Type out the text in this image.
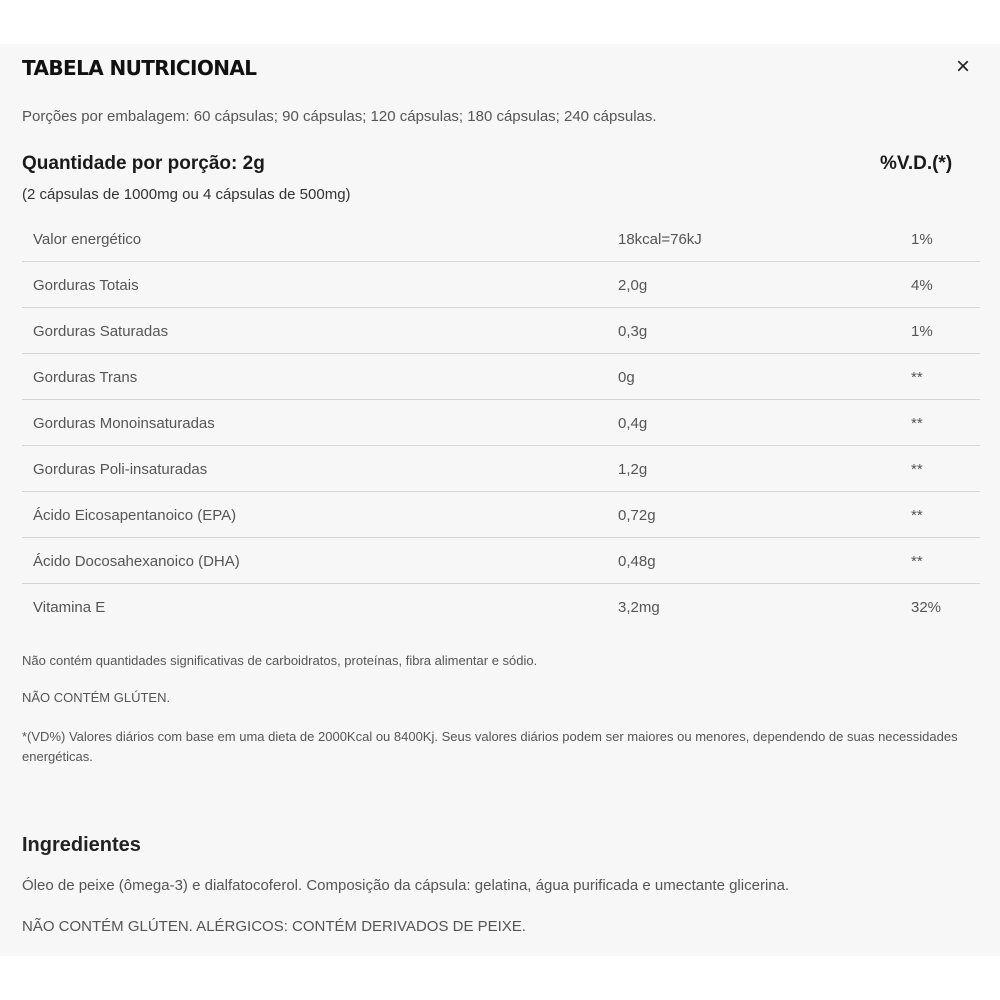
TABELA NUTRICIONAL	×
Porções por embalagem: 60 cápsulas; 90 cápsulas; 120 cápsulas; 180 cápsulas; 240 cápsulas.
Quantidade por porção: 2g
(2 cápsulas de 1000mg ou 4 cápsulas de 500mg)
%V.D.(*)
Valor energético	18kcal=76kJ	1%
Gorduras Totais	2,0g	4%
Gorduras Saturadas	0,3g	1%
Gorduras Trans	0g	**
Gorduras Monoinsaturadas	0,4g	**
Gorduras Poli-insaturadas	1,2g	**
Ácido Eicosapentanoico (EPA)	0,72g	**
Ácido Docosahexanoico (DHA)	0,48g	**
Vitamina E	3,2mg	32%
Não contém quantidades significativas de carboidratos, proteínas, fibra alimentar e sódio.
NÃO CONTÉM GLÚTEN.
*(VD%) Valores diários com base em uma dieta de 2000Kcal ou 8400Kj. Seus valores diários podem ser maiores ou menores, dependendo de suas necessidades energéticas.
Ingredientes
Óleo de peixe (ômega-3) e dialfatocoferol. Composição da cápsula: gelatina, água purificada e umectante glicerina.
NÃO CONTÉM GLÚTEN. ALÉRGICOS: CONTÉM DERIVADOS DE PEIXE.
